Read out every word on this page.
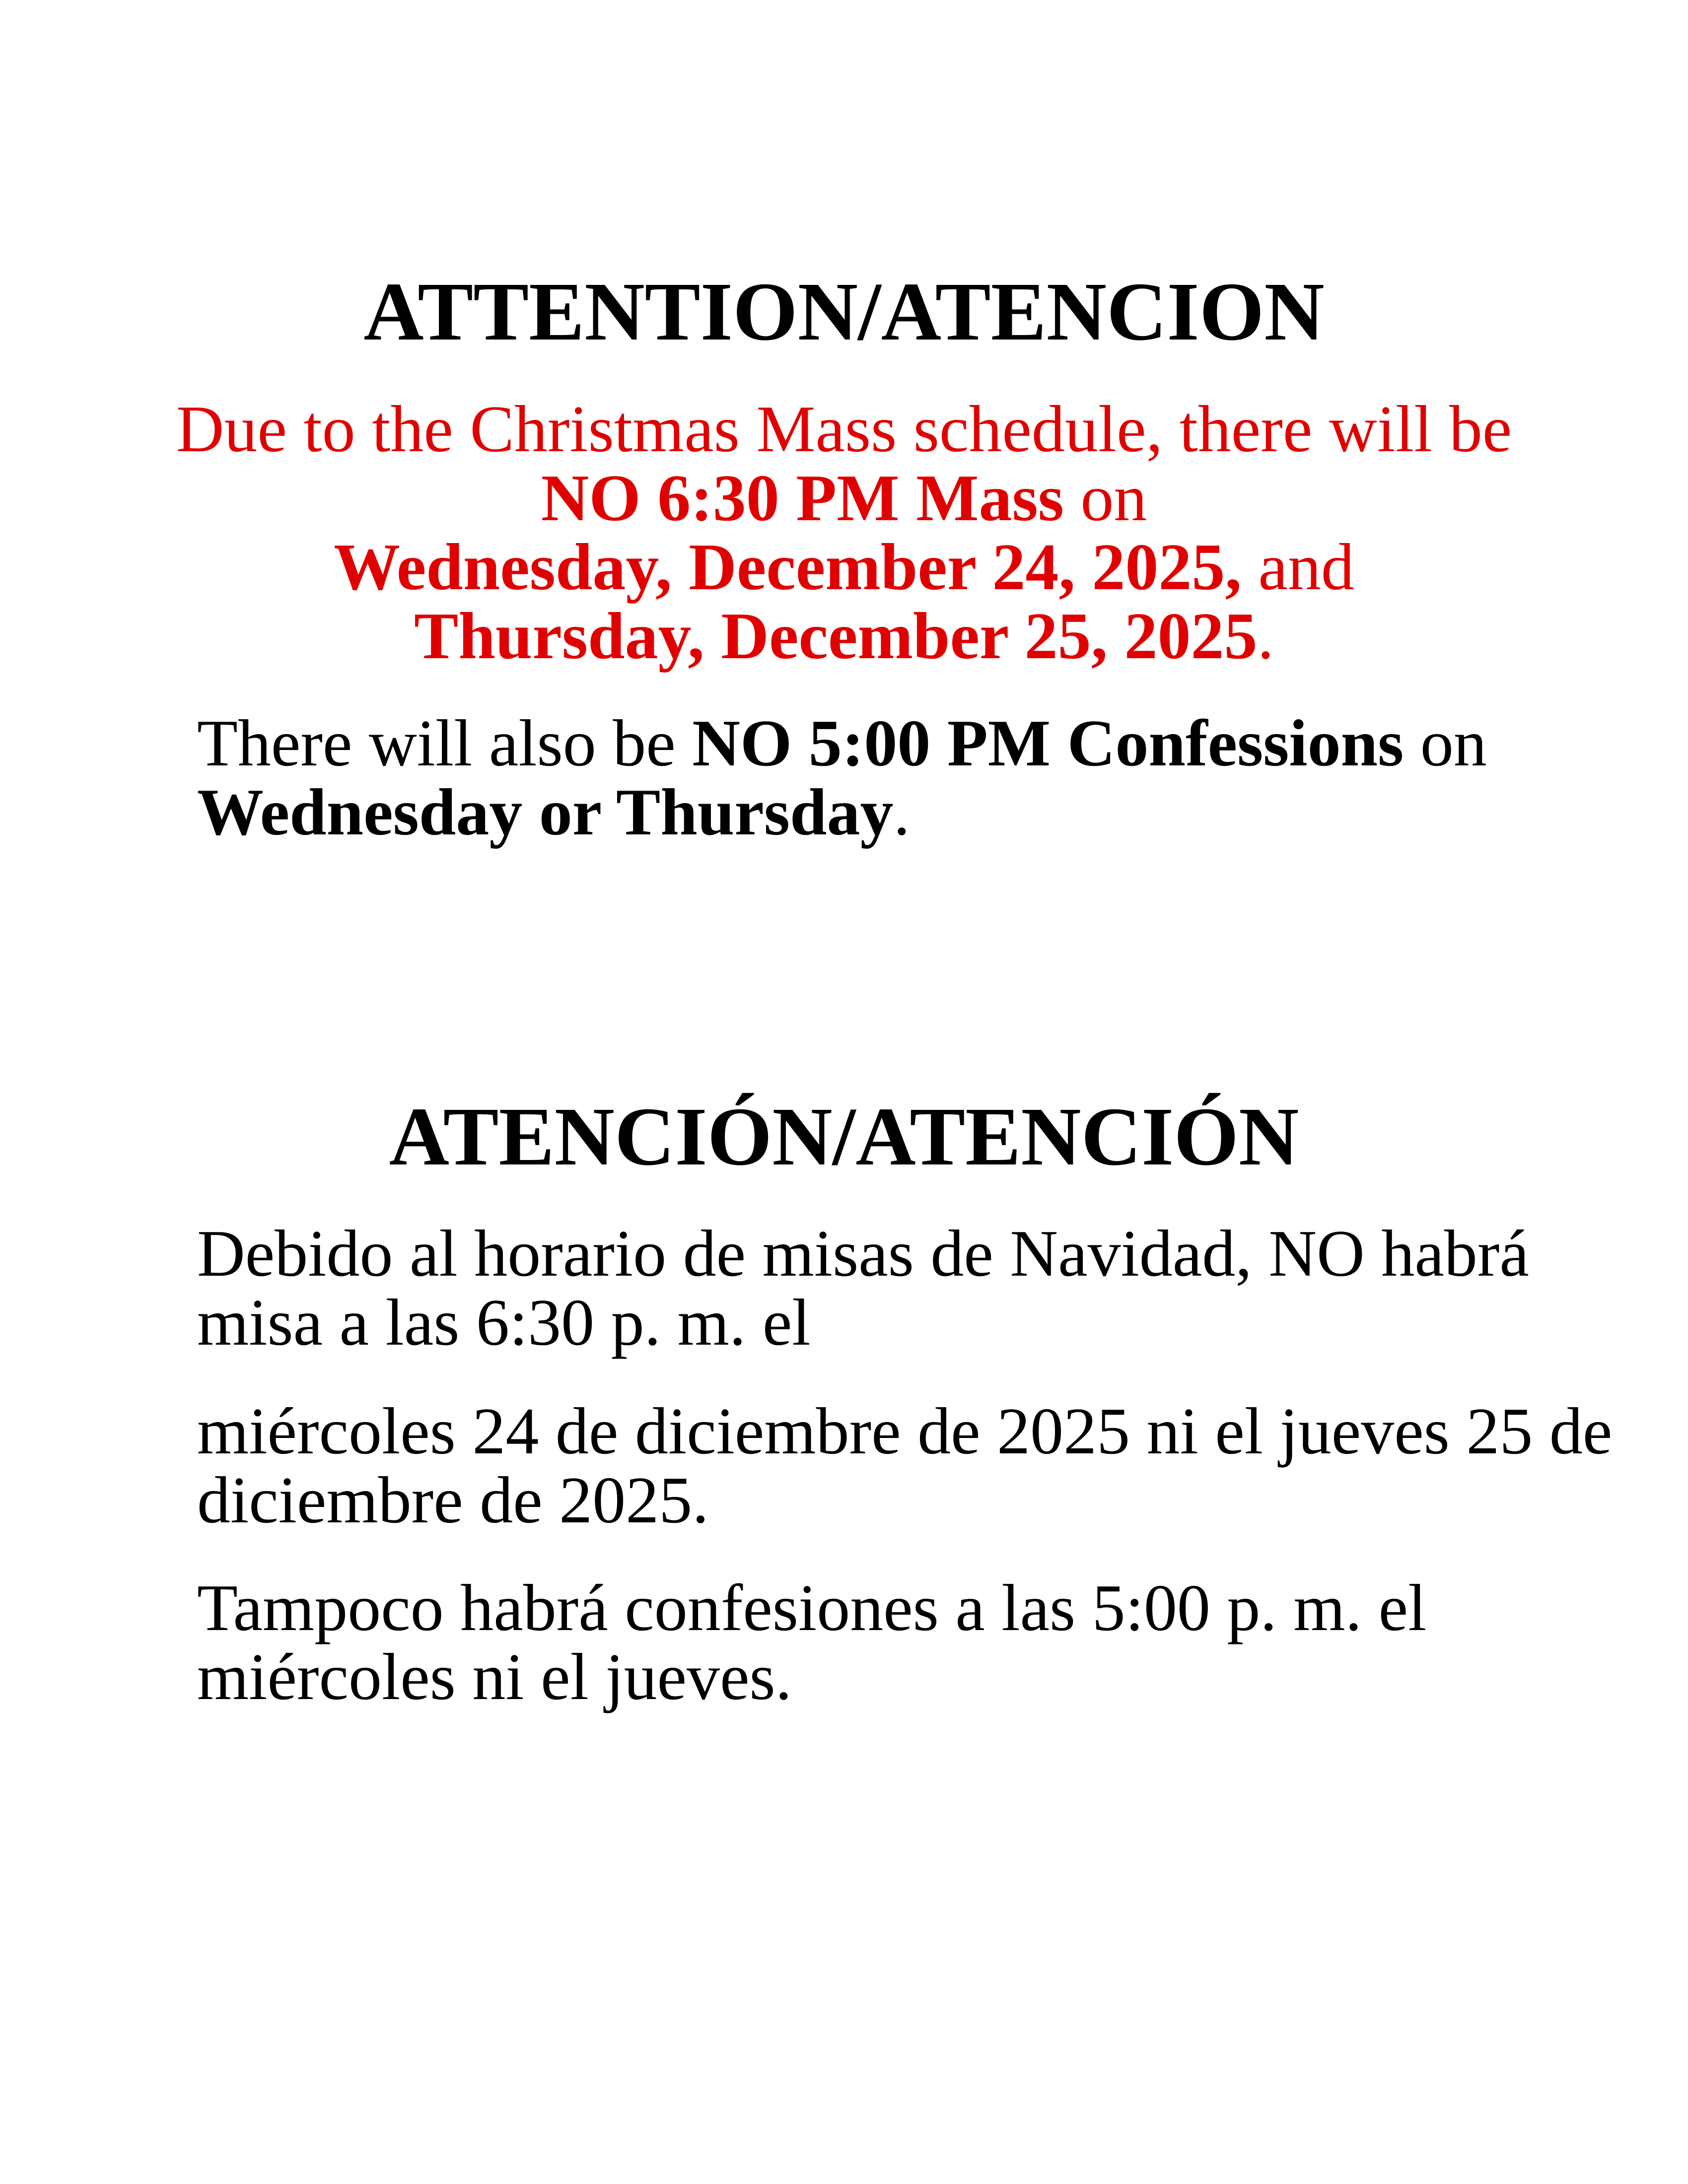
ATTENTION/ATENCION
Due to the Christmas Mass schedule, there will be
NO 6:30 PM Mass on
Wednesday, December 24, 2025, and
Thursday, December 25, 2025.
There will also be NO 5:00 PM Confessions on
Wednesday or Thursday.
ATENCIÓN/ATENCIÓN
Debido al horario de misas de Navidad, NO habrá
misa a las 6:30 p. m. el
miércoles 24 de diciembre de 2025 ni el jueves 25 de
diciembre de 2025.
Tampoco habrá confesiones a las 5:00 p. m. el
miércoles ni el jueves.
